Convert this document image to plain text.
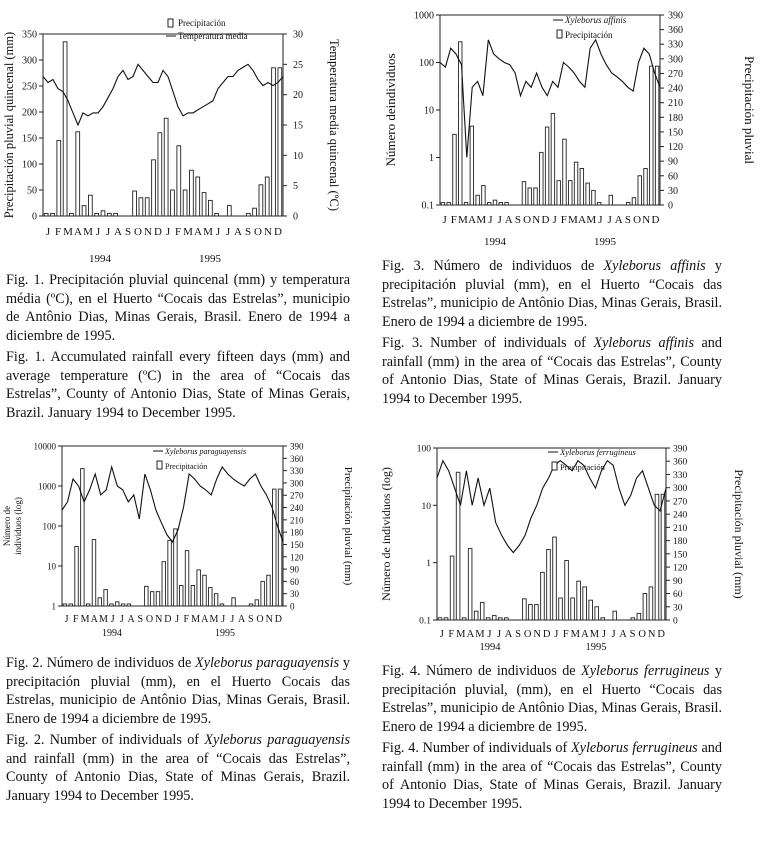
0
50
100
150
200
250
300
350
0
5
10
15
20
25
30
Precipitación pluvial quincenal (mm)	Temperatura media quincenal (ºC)
J F M A M J J A S O N D J F M A M J J A S O N D
1994	1995
Precipitación
Temperatura media

Fig. 1. Precipitación pluvial quincenal (mm) y temperatura média (ºC), en el Huerto “Cocais das Estrelas”, municipio de Antônio Dias, Minas Gerais, Brasil. Enero de 1994 a diciembre de 1995.

Fig. 1. Accumulated rainfall every fifteen days (mm) and average temperature (ºC) in the area of “Cocais das Estrelas”, County of Antonio Dias, State of Minas Gerais, Brazil. January 1994 to December 1995.

0.1
1
10
100
1000
0
30
60
90
120
150
180
210
240
270
300
330
360
390
Número deindividuos	Precipitación pluvial
J F M A M J J A S O N D J F M A M J J A S O N D
1994	1995
Xyleborus affinis
Precipitación

Fig. 3. Número de individuos de Xyleborus affinis y precipitación pluvial (mm), en el Huerto “Cocais das Estrelas”, municipio de Antônio Dias, Minas Gerais, Brasil. Enero de 1994 a diciembre de 1995.

Fig. 3. Number of individuals of Xyleborus affinis and rainfall (mm) in the area of “Cocais das Estrelas”, County of Antonio Dias, State of Minas Gerais, Brazil. January 1994 to December 1995.

1
10
100
1000
10000
0
30
60
90
120
150
180
210
240
270
300
330
360
390
Número de individuos (log)	Precipitación pluvial (mm)
J F M A M J J A S O N D J F M A M J J A S O N D
1994	1995
Xyleborus paraguayensis
Precipitación

Fig. 2. Número de individuos de Xyleborus paraguayensis y precipitación pluvial (mm), en el Huerto Cocais das Estrelas, municipio de Antônio Dias, Minas Gerais, Brasil. Enero de 1994 a diciembre de 1995.

Fig. 2. Number of individuals of Xyleborus paraguayensis and rainfall (mm) in the area of “Cocais das Estrelas”, County of Antonio Dias, State of Minas Gerais, Brazil. January 1994 to December 1995.

0.1
1
10
100
0
30
60
90
120
150
180
210
240
270
300
330
360
390
Número de individuos (log)	Precipitación pluvial (mm)
J F M A M J J A S O N D J F M A M J J A S O N D
1994	1995
Xyleborus ferrugineus
Precipitación

Fig. 4. Número de individuos de Xyleborus ferrugineus y precipitación pluvial, (mm), en el Huerto “Cocais das Estrelas”, municipio de Antônio Dias, Minas Gerais, Brasil. Enero de 1994 a diciembre de 1995.

Fig. 4. Number of individuals of Xyleborus ferrugineus and rainfall (mm) in the area of “Cocais das Estrelas”, County of Antonio Dias, State of Minas Gerais, Brazil. January 1994 to December 1995.
